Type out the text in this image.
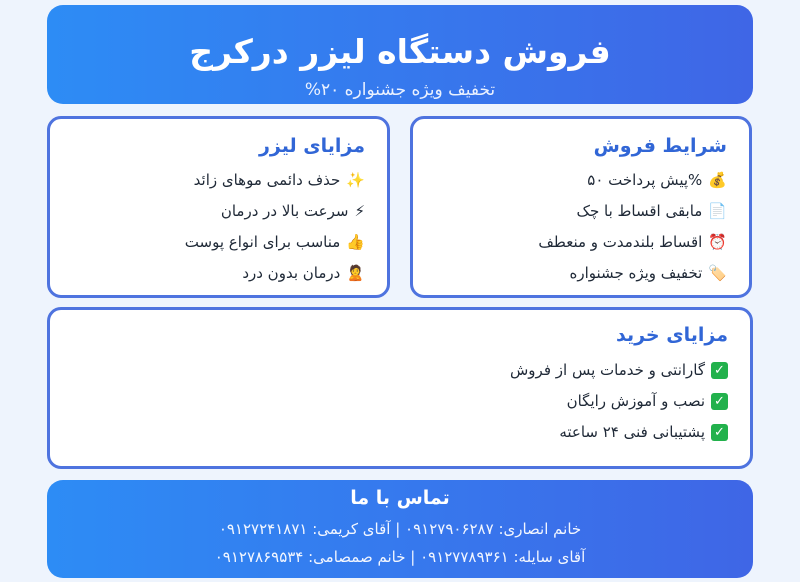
فروش دستگاه لیزر درکرج
تخفیف ویژه جشنواره ۲۰%
شرایط فروش
💰%پیش پرداخت ۵۰
📄مابقی اقساط با چک
⏰اقساط بلندمدت و منعطف
🏷️تخفیف ویژه جشنواره
مزایای لیزر
✨حذف دائمی موهای زائد
⚡سرعت بالا در درمان
👍مناسب برای انواع پوست
🙎درمان بدون درد
مزایای خرید
✓گارانتی و خدمات پس از فروش
✓نصب و آموزش رایگان
✓پشتیبانی فنی ۲۴ ساعته
تماس با ما
خانم انصاری: ۰۹۱۲۷۹۰۶۲۸۷ | آقای کریمی: ۰۹۱۲۷۲۴۱۸۷۱
آقای سایله: ۰۹۱۲۷۷۸۹۳۶۱ | خانم صمصامی: ۰۹۱۲۷۸۶۹۵۳۴
